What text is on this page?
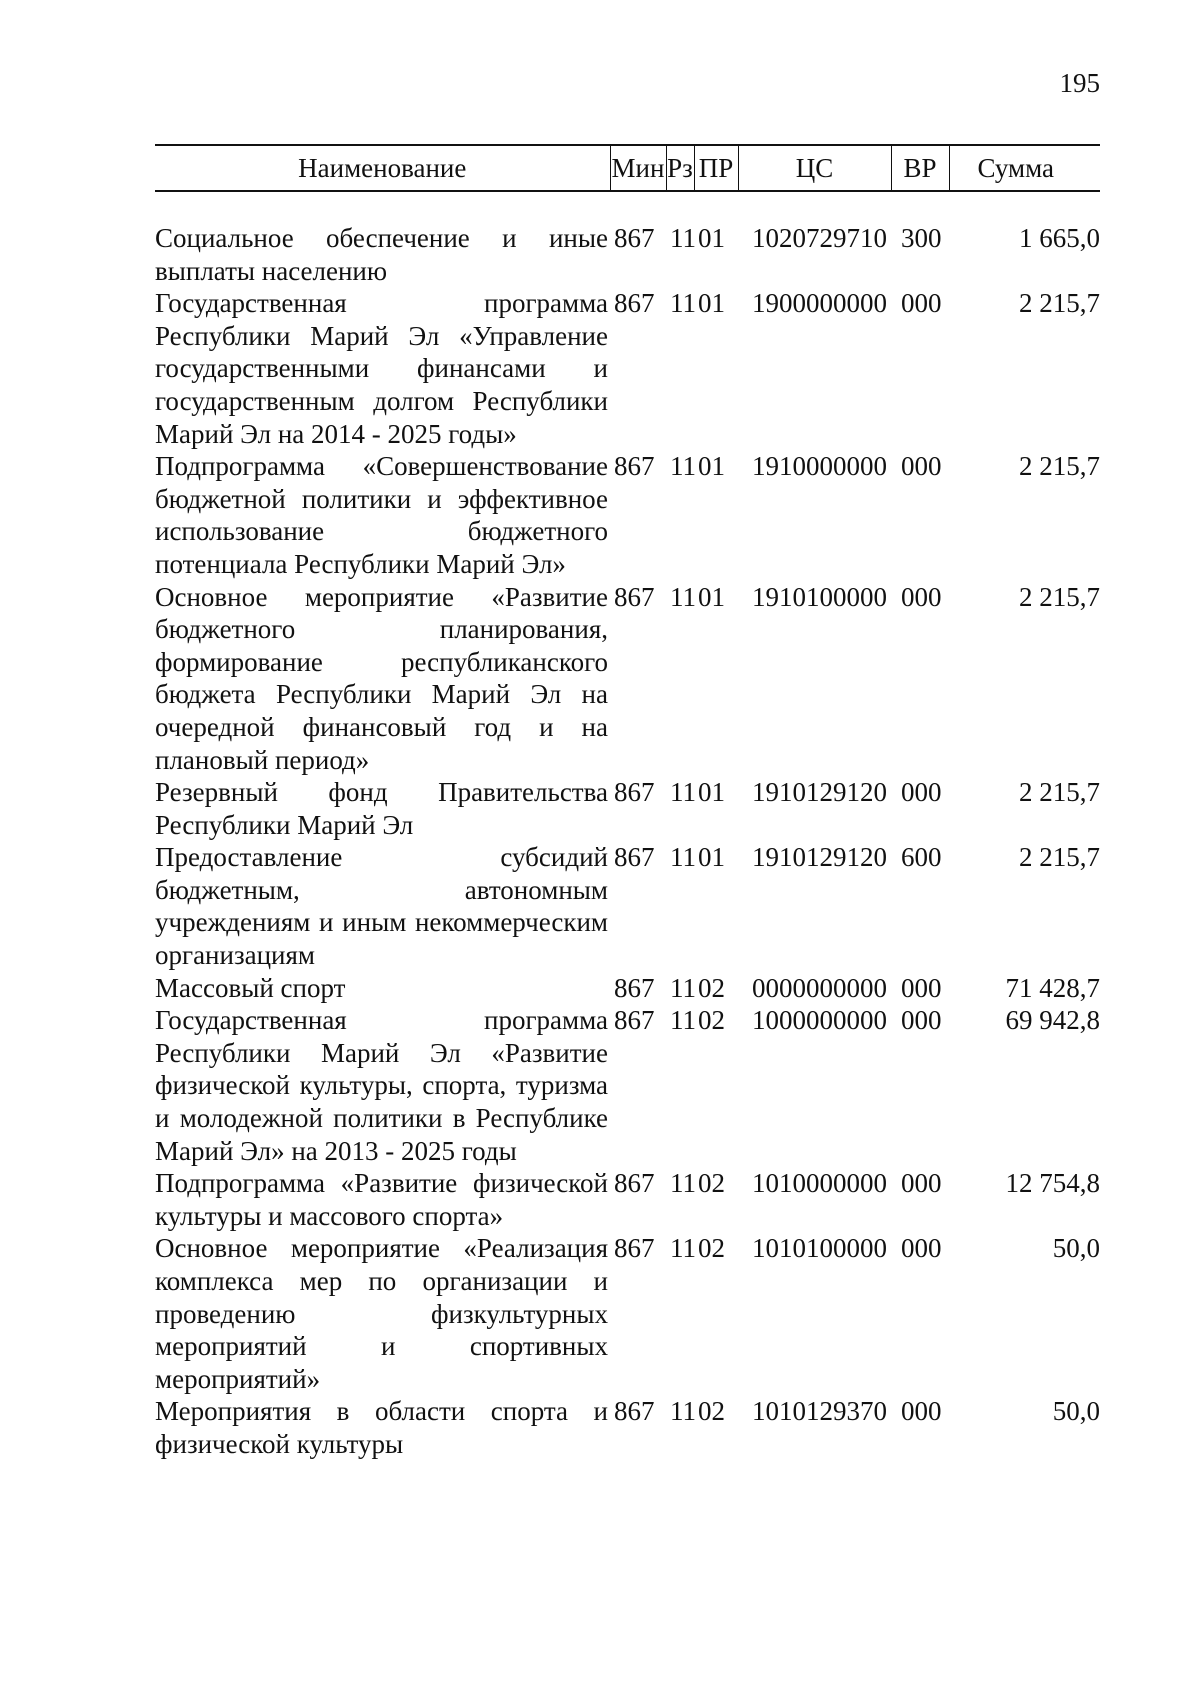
195
Наименование	Мин	Рз	ПР	ЦС	ВР	Сумма

Социальное обеспечение и иные выплаты населению	867	11	01	1020729710	300	1 665,0
Государственная программа Республики Марий Эл «Управление государственными финансами и государственным долгом Республики Марий Эл на 2014 - 2025 годы»	867	11	01	1900000000	000	2 215,7
Подпрограмма «Совершенствование бюджетной политики и эффективное использование бюджетного потенциала Республики Марий Эл»	867	11	01	1910000000	000	2 215,7
Основное мероприятие «Развитие бюджетного планирования, формирование республиканского бюджета Республики Марий Эл на очередной финансовый год и на плановый период»	867	11	01	1910100000	000	2 215,7
Резервный фонд Правительства Республики Марий Эл	867	11	01	1910129120	000	2 215,7
Предоставление субсидий бюджетным, автономным учреждениям и иным некоммерческим организациям	867	11	01	1910129120	600	2 215,7
Массовый спорт	867	11	02	0000000000	000	71 428,7
Государственная программа Республики Марий Эл «Развитие физической культуры, спорта, туризма и молодежной политики в Республике Марий Эл» на 2013 - 2025 годы	867	11	02	1000000000	000	69 942,8
Подпрограмма «Развитие физической культуры и массового спорта»	867	11	02	1010000000	000	12 754,8
Основное мероприятие «Реализация комплекса мер по организации и проведению физкультурных мероприятий и спортивных мероприятий»	867	11	02	1010100000	000	50,0
Мероприятия в области спорта и физической культуры	867	11	02	1010129370	000	50,0
